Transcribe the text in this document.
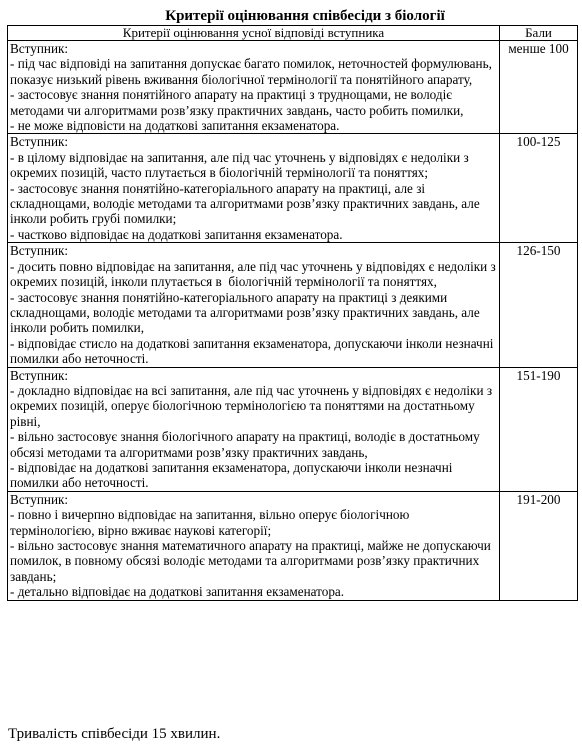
Критерії оцінювання співбесіди з біології
Критерії оцінювання усної відповіді вступника	Бали

Вступник:
- під час відповіді на запитання допускає багато помилок, неточностей формулювань, показує низький рівень вживання біологічної термінології та понятійного апарату,
- застосовує знання понятійного апарату на практиці з труднощами, не володіє методами чи алгоритмами розв’язку практичних завдань, часто робить помилки,
- не може відповісти на додаткові запитання екзаменатора.	менше 100

Вступник:
- в цілому відповідає на запитання, але під час уточнень у відповідях є недоліки з окремих позицій, часто плутається в біологічній термінології та поняттях;
- застосовує знання понятійно-категоріального апарату на практиці, але зі складнощами, володіє методами та алгоритмами розв’язку практичних завдань, але інколи робить грубі помилки;
- частково відповідає на додаткові запитання екзаменатора.	100-125

Вступник:
- досить повно відповідає на запитання, але під час уточнень у відповідях є недоліки з окремих позицій, інколи плутається в  біологічній термінології та поняттях,
- застосовує знання понятійно-категоріального апарату на практиці з деякими складнощами, володіє методами та алгоритмами розв’язку практичних завдань, але інколи робить помилки,
- відповідає стисло на додаткові запитання екзаменатора, допускаючи інколи незначні помилки або неточності.	126-150

Вступник:
- докладно відповідає на всі запитання, але під час уточнень у відповідях є недоліки з окремих позицій, оперує біологічною термінологією та поняттями на достатньому рівні,
- вільно застосовує знання біологічного апарату на практиці, володіє в достатньому обсязі методами та алгоритмами розв’язку практичних завдань,
- відповідає на додаткові запитання екзаменатора, допускаючи інколи незначні помилки або неточності.	151-190

Вступник:
- повно і вичерпно відповідає на запитання, вільно оперує біологічною термінологією, вірно вживає наукові категорії;
- вільно застосовує знання математичного апарату на практиці, майже не допускаючи помилок, в повному обсязі володіє методами та алгоритмами розв’язку практичних завдань;
- детально відповідає на додаткові запитання екзаменатора.	191-200
Тривалість співбесіди 15 хвилин.
